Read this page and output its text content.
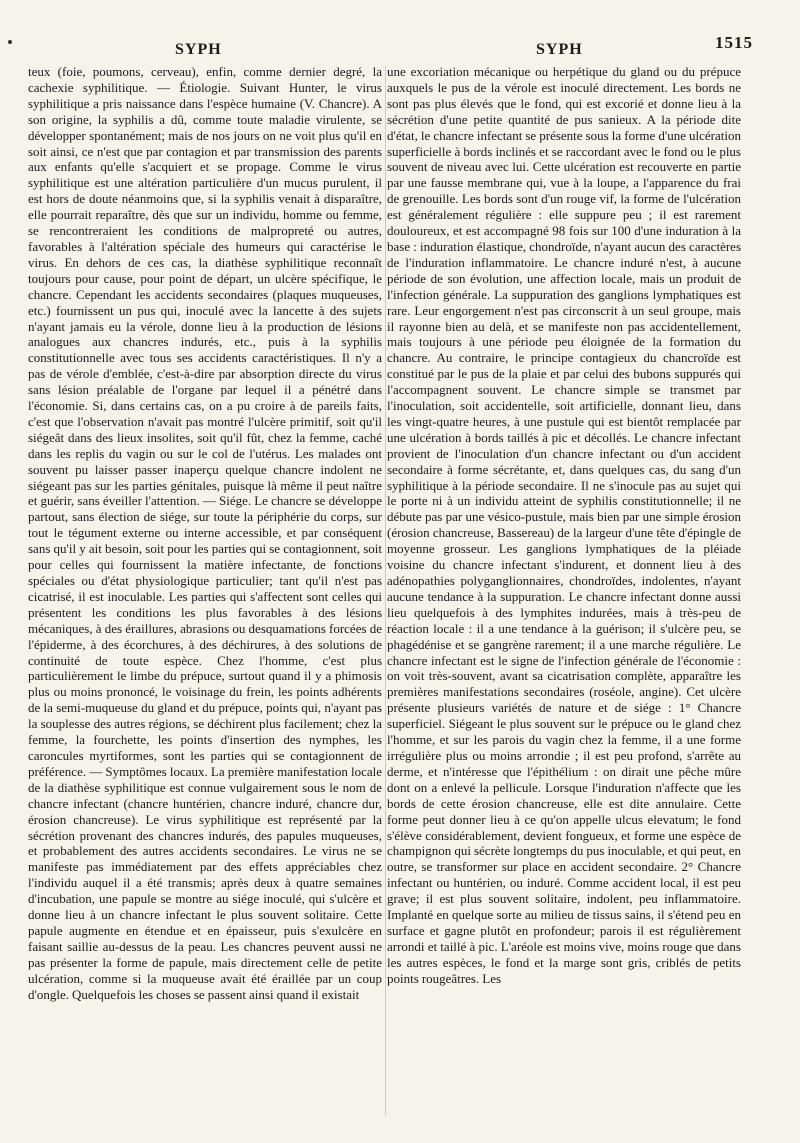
SYPH	SYPH	1515

teux (foie, poumons, cerveau), enfin, comme dernier degré, la cachexie syphilitique. — Étiologie. Suivant Hunter, le virus syphilitique a pris naissance dans l'espèce humaine (V. Chancre). A son origine, la syphilis a dû, comme toute maladie virulente, se développer spontanément; mais de nos jours on ne voit plus qu'il en soit ainsi, ce n'est que par contagion et par transmission des parents aux enfants qu'elle s'acquiert et se propage. Comme le virus syphilitique est une altération particulière d'un mucus purulent, il est hors de doute néanmoins que, si la syphilis venait à disparaître, elle pourrait reparaître, dès que sur un individu, homme ou femme, se rencontreraient les conditions de malpropreté ou autres, favorables à l'altération spéciale des humeurs qui caractérise le virus. En dehors de ces cas, la diathèse syphilitique reconnaît toujours pour cause, pour point de départ, un ulcère spécifique, le chancre. Cependant les accidents secondaires (plaques muqueuses, etc.) fournissent un pus qui, inoculé avec la lancette à des sujets n'ayant jamais eu la vérole, donne lieu à la production de lésions analogues aux chancres indurés, etc., puis à la syphilis constitutionnelle avec tous ses accidents caractéristiques. Il n'y a pas de vérole d'emblée, c'est-à-dire par absorption directe du virus sans lésion préalable de l'organe par lequel il a pénétré dans l'économie. Si, dans certains cas, on a pu croire à de pareils faits, c'est que l'observation n'avait pas montré l'ulcère primitif, soit qu'il siégeât dans des lieux insolites, soit qu'il fût, chez la femme, caché dans les replis du vagin ou sur le col de l'utérus. Les malades ont souvent pu laisser passer inaperçu quelque chancre indolent ne siégeant pas sur les parties génitales, puisque là même il peut naître et guérir, sans éveiller l'attention. — Siége. Le chancre se développe partout, sans élection de siége, sur toute la périphérie du corps, sur tout le tégument externe ou interne accessible, et par conséquent sans qu'il y ait besoin, soit pour les parties qui se contagionnent, soit pour celles qui fournissent la matière infectante, de fonctions spéciales ou d'état physiologique particulier; tant qu'il n'est pas cicatrisé, il est inoculable. Les parties qui s'affectent sont celles qui présentent les conditions les plus favorables à des lésions mécaniques, à des éraillures, abrasions ou desquamations forcées de l'épiderme, à des écorchures, à des déchirures, à des solutions de continuité de toute espèce. Chez l'homme, c'est plus particulièrement le limbe du prépuce, surtout quand il y a phimosis plus ou moins prononcé, le voisinage du frein, les points adhérents de la semi-muqueuse du gland et du prépuce, points qui, n'ayant pas la souplesse des autres régions, se déchirent plus facilement; chez la femme, la fourchette, les points d'insertion des nymphes, les caroncules myrtiformes, sont les parties qui se contagionnent de préférence. — Symptômes locaux. La première manifestation locale de la diathèse syphilitique est connue vulgairement sous le nom de chancre infectant (chancre huntérien, chancre induré, chancre dur, érosion chancreuse). Le virus syphilitique est représenté par la sécrétion provenant des chancres indurés, des papules muqueuses, et probablement des autres accidents secondaires. Le virus ne se manifeste pas immédiatement par des effets appréciables chez l'individu auquel il a été transmis; après deux à quatre semaines d'incubation, une papule se montre au siége inoculé, qui s'ulcère et donne lieu à un chancre infectant le plus souvent solitaire. Cette papule augmente en étendue et en épaisseur, puis s'exulcère en faisant saillie au-dessus de la peau. Les chancres peuvent aussi ne pas présenter la forme de papule, mais directement celle de petite ulcération, comme si la muqueuse avait été éraillée par un coup d'ongle. Quelquefois les choses se passent ainsi quand il existait

une excoriation mécanique ou herpétique du gland ou du prépuce auxquels le pus de la vérole est inoculé directement. Les bords ne sont pas plus élevés que le fond, qui est excorié et donne lieu à la sécrétion d'une petite quantité de pus sanieux. A la période dite d'état, le chancre infectant se présente sous la forme d'une ulcération superficielle à bords inclinés et se raccordant avec le fond ou le plus souvent de niveau avec lui. Cette ulcération est recouverte en partie par une fausse membrane qui, vue à la loupe, a l'apparence du frai de grenouille. Les bords sont d'un rouge vif, la forme de l'ulcération est généralement régulière : elle suppure peu ; il est rarement douloureux, et est accompagné 98 fois sur 100 d'une induration à la base : induration élastique, chondroïde, n'ayant aucun des caractères de l'induration inflammatoire. Le chancre induré n'est, à aucune période de son évolution, une affection locale, mais un produit de l'infection générale. La suppuration des ganglions lymphatiques est rare. Leur engorgement n'est pas circonscrit à un seul groupe, mais il rayonne bien au delà, et se manifeste non pas accidentellement, mais toujours à une période peu éloignée de la formation du chancre. Au contraire, le principe contagieux du chancroïde est constitué par le pus de la plaie et par celui des bubons suppurés qui l'accompagnent souvent. Le chancre simple se transmet par l'inoculation, soit accidentelle, soit artificielle, donnant lieu, dans les vingt-quatre heures, à une pustule qui est bientôt remplacée par une ulcération à bords taillés à pic et décollés. Le chancre infectant provient de l'inoculation d'un chancre infectant ou d'un accident secondaire à forme sécrétante, et, dans quelques cas, du sang d'un syphilitique à la période secondaire. Il ne s'inocule pas au sujet qui le porte ni à un individu atteint de syphilis constitutionnelle; il ne débute pas par une vésico-pustule, mais bien par une simple érosion (érosion chancreuse, Bassereau) de la largeur d'une tête d'épingle de moyenne grosseur. Les ganglions lymphatiques de la pléiade voisine du chancre infectant s'indurent, et donnent lieu à des adénopathies polyganglionnaires, chondroïdes, indolentes, n'ayant aucune tendance à la suppuration. Le chancre infectant donne aussi lieu quelquefois à des lymphites indurées, mais à très-peu de réaction locale : il a une tendance à la guérison; il s'ulcère peu, se phagédénise et se gangrène rarement; il a une marche régulière. Le chancre infectant est le signe de l'infection générale de l'économie : on voit très-souvent, avant sa cicatrisation complète, apparaître les premières manifestations secondaires (roséole, angine). Cet ulcère présente plusieurs variétés de nature et de siége : 1° Chancre superficiel. Siégeant le plus souvent sur le prépuce ou le gland chez l'homme, et sur les parois du vagin chez la femme, il a une forme irrégulière plus ou moins arrondie ; il est peu profond, s'arrête au derme, et n'intéresse que l'épithélium : on dirait une pêche mûre dont on a enlevé la pellicule. Lorsque l'induration n'affecte que les bords de cette érosion chancreuse, elle est dite annulaire. Cette forme peut donner lieu à ce qu'on appelle ulcus elevatum; le fond s'élève considérablement, devient fongueux, et forme une espèce de champignon qui sécrète longtemps du pus inoculable, et qui peut, en outre, se transformer sur place en accident secondaire. 2° Chancre infectant ou huntérien, ou induré. Comme accident local, il est peu grave; il est plus souvent solitaire, indolent, peu inflammatoire. Implanté en quelque sorte au milieu de tissus sains, il s'étend peu en surface et gagne plutôt en profondeur; parois il est régulièrement arrondi et taillé à pic. L'aréole est moins vive, moins rouge que dans les autres espèces, le fond et la marge sont gris, criblés de petits points rougeâtres. Les
